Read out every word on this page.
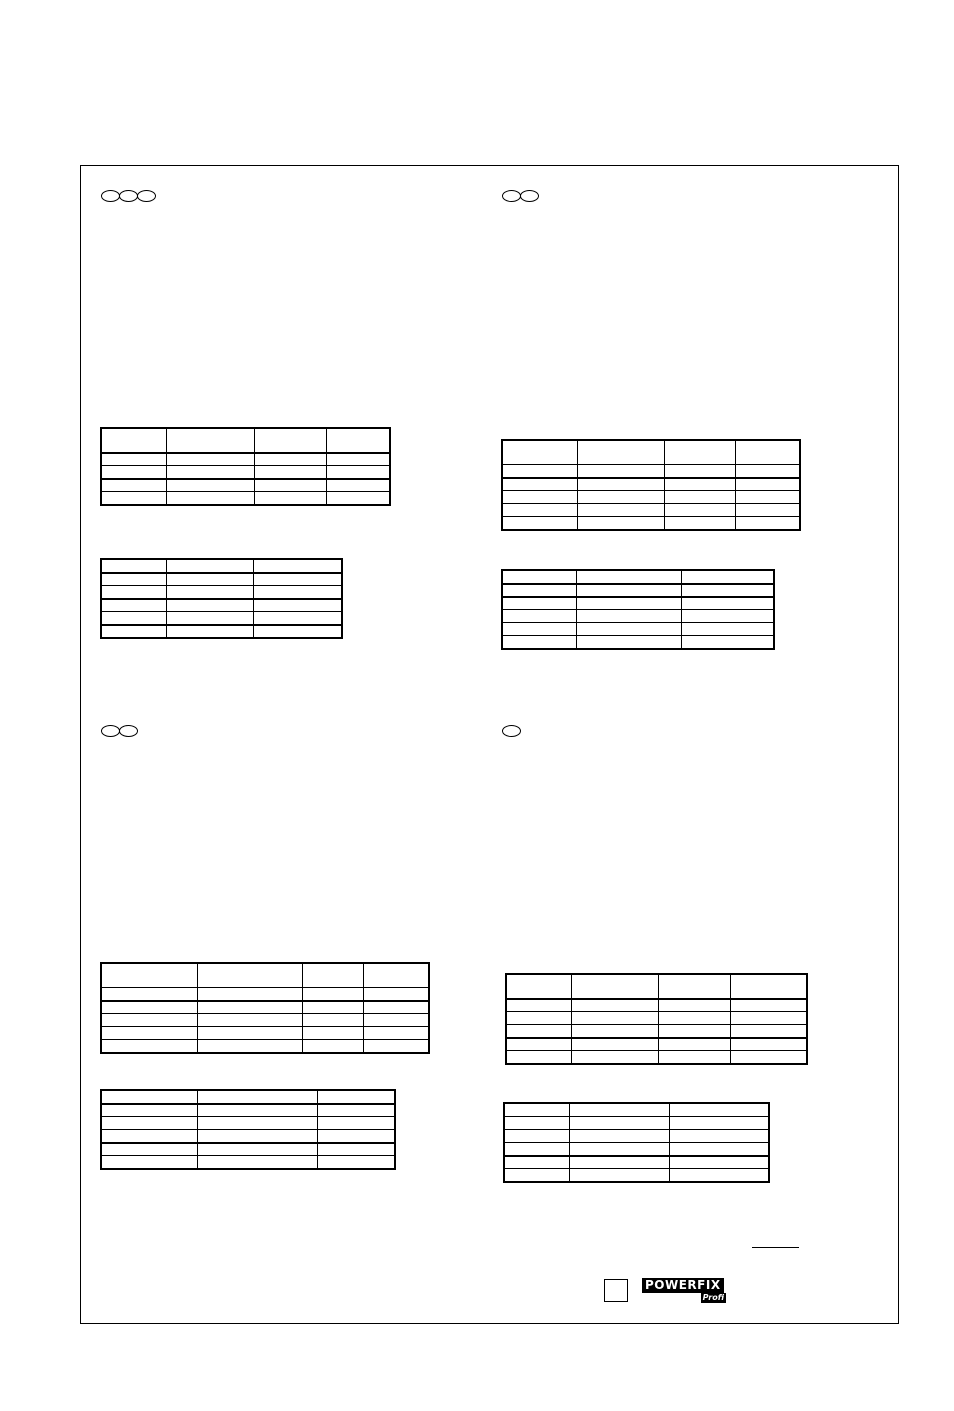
POWERFIX
Profi
